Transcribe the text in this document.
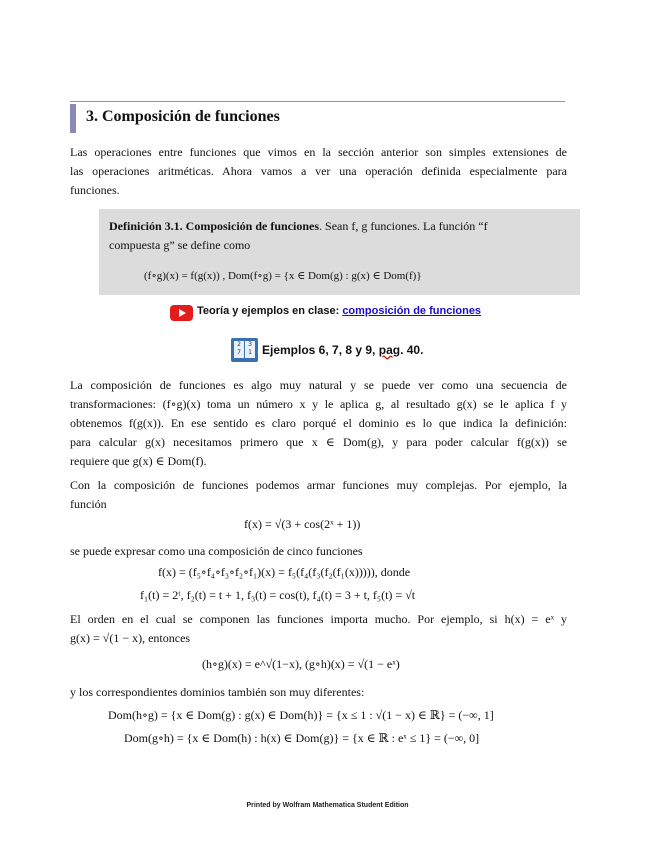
3. Composición de funciones
Las operaciones entre funciones que vimos en la sección anterior son simples extensiones de
las operaciones aritméticas. Ahora vamos a ver una operación definida especialmente para
funciones.
Definición 3.1. Composición de funciones. Sean f, g funciones. La función “f
compuesta g” se define como
(f∘g)(x) = f(g(x)) , Dom(f∘g) = {x ∈ Dom(g) : g(x) ∈ Dom(f)}
Teoría y ejemplos en clase: composición de funciones
2
7
3
1 Ejemplos 6, 7, 8 y 9, pag. 40.
La composición de funciones es algo muy natural y se puede ver como una secuencia de
transformaciones: (f∘g)(x) toma un número x y le aplica g, al resultado g(x) se le aplica f y
obtenemos f(g(x)). En ese sentido es claro porqué el dominio es lo que indica la definición:
para calcular g(x) necesitamos primero que x ∈ Dom(g), y para poder calcular f(g(x)) se
requiere que g(x) ∈ Dom(f).
Con la composición de funciones podemos armar funciones muy complejas. Por ejemplo, la
función
f(x) = √(3 + cos(2ˣ + 1))
se puede expresar como una composición de cinco funciones
f(x) = (f₅∘f₄∘f₃∘f₂∘f₁)(x) = f₅(f₄(f₃(f₂(f₁(x))))), donde
f₁(t) = 2ᵗ, f₂(t) = t + 1, f₃(t) = cos(t), f₄(t) = 3 + t, f₅(t) = √t
El orden en el cual se componen las funciones importa mucho. Por ejemplo, si h(x) = eˣ y
g(x) = √(1 − x), entonces
(h∘g)(x) = e^√(1−x), (g∘h)(x) = √(1 − eˣ)
y los correspondientes dominios también son muy diferentes:
Dom(h∘g) = {x ∈ Dom(g) : g(x) ∈ Dom(h)} = {x ≤ 1 : √(1 − x) ∈ ℝ} = (−∞, 1]
Dom(g∘h) = {x ∈ Dom(h) : h(x) ∈ Dom(g)} = {x ∈ ℝ : eˣ ≤ 1} = (−∞, 0]
Printed by Wolfram Mathematica Student Edition
